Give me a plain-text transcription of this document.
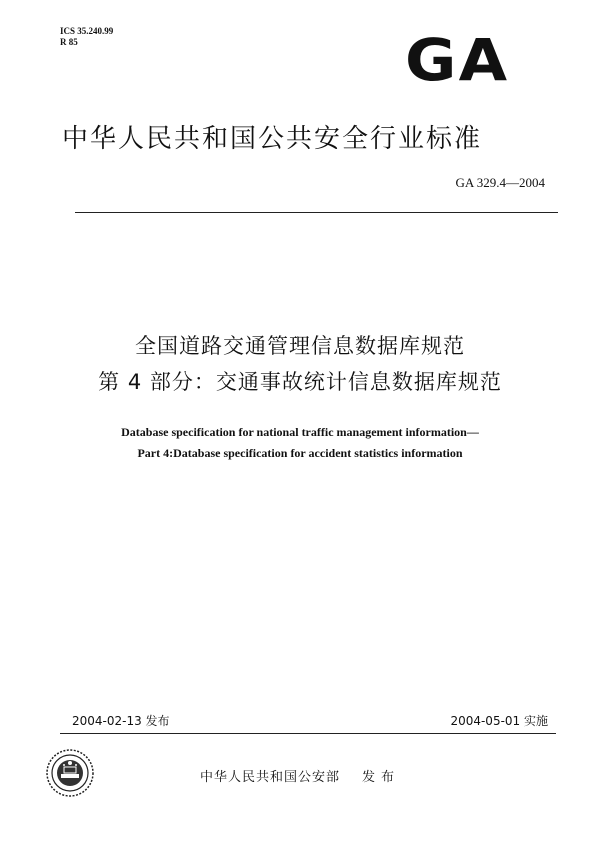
ICS 35.240.99
R 85	GA
中华人民共和国公共安全行业标准
GA 329.4—2004
全国道路交通管理信息数据库规范
第 4 部分：交通事故统计信息数据库规范
Database specification for national traffic management information—
Part 4:Database specification for accident statistics information
2004-02-13 发布	2004-05-01 实施
中华人民共和国公安部 发布
